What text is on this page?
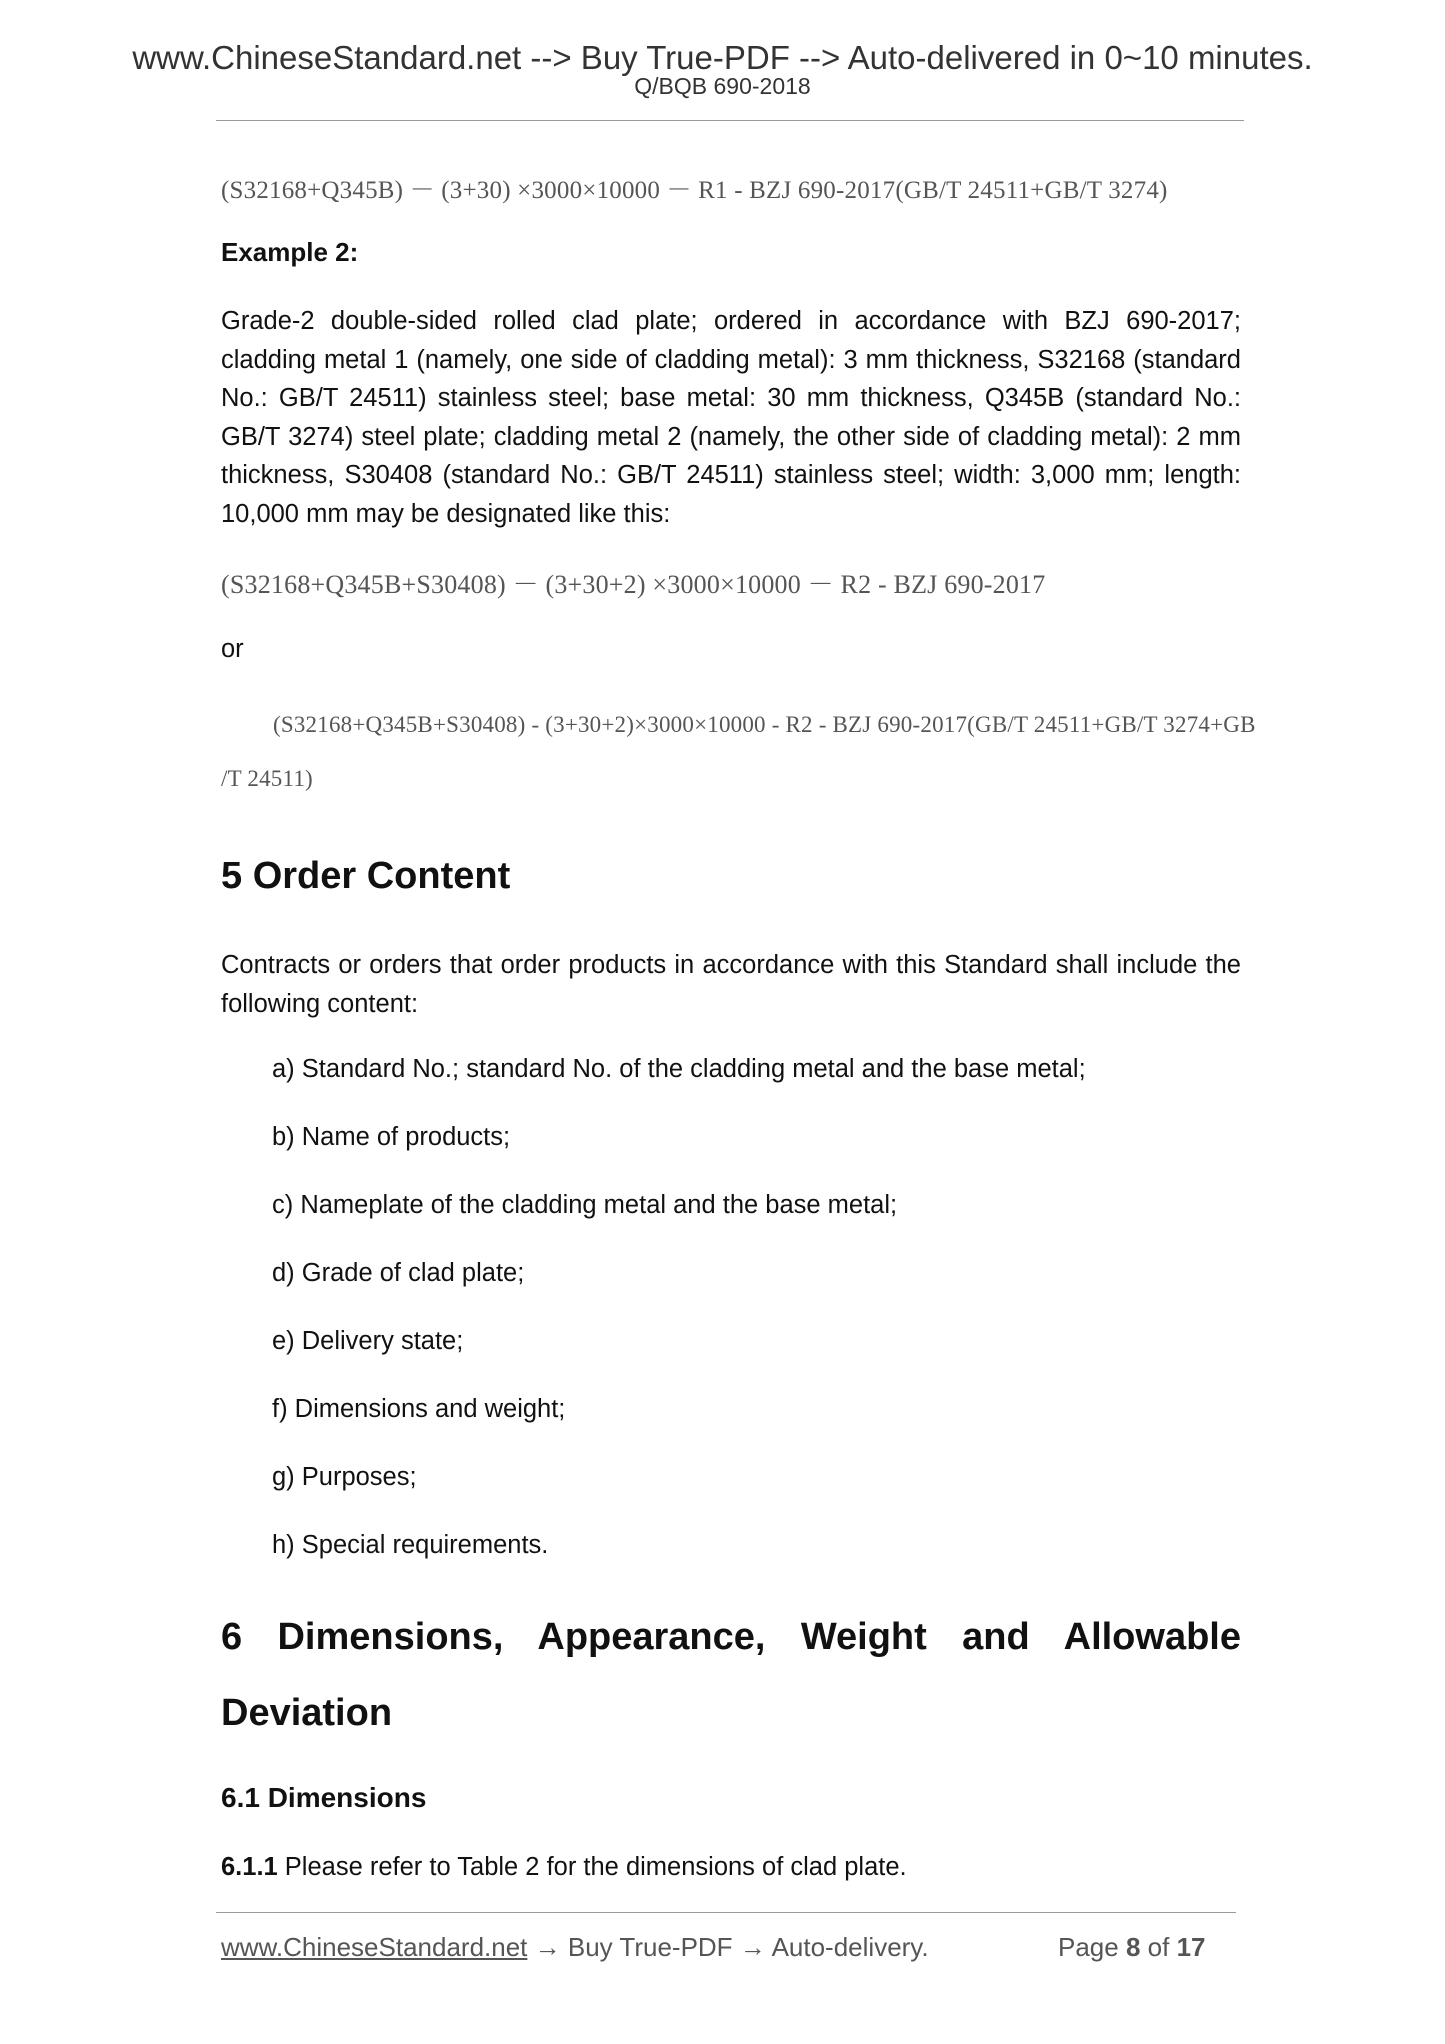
www.ChineseStandard.net --> Buy True-PDF --> Auto-delivered in 0~10 minutes.
Q/BQB 690-2018
(S32168+Q345B) － (3+30) ×3000×10000 － R1 - BZJ 690-2017(GB/T 24511+GB/T 3274)
Example 2:
Grade-2 double-sided rolled clad plate; ordered in accordance with BZJ 690-2017; cladding metal 1 (namely, one side of cladding metal): 3 mm thickness, S32168 (standard No.: GB/T 24511) stainless steel; base metal: 30 mm thickness, Q345B (standard No.: GB/T 3274) steel plate; cladding metal 2 (namely, the other side of cladding metal): 2 mm thickness, S30408 (standard No.: GB/T 24511) stainless steel; width: 3,000 mm; length: 10,000 mm may be designated like this:
(S32168+Q345B+S30408) － (3+30+2) ×3000×10000 － R2 - BZJ 690-2017
or
(S32168+Q345B+S30408) - (3+30+2)×3000×10000 - R2 - BZJ 690-2017(GB/T 24511+GB/T 3274+GB
/T 24511)
5 Order Content
Contracts or orders that order products in accordance with this Standard shall include the following content:
a) Standard No.; standard No. of the cladding metal and the base metal;
b) Name of products;
c) Nameplate of the cladding metal and the base metal;
d) Grade of clad plate;
e) Delivery state;
f) Dimensions and weight;
g) Purposes;
h) Special requirements.
6 Dimensions, Appearance, Weight and Allowable Deviation
6.1 Dimensions
6.1.1 Please refer to Table 2 for the dimensions of clad plate.
www.ChineseStandard.net → Buy True-PDF → Auto-delivery.	Page 8 of 17
